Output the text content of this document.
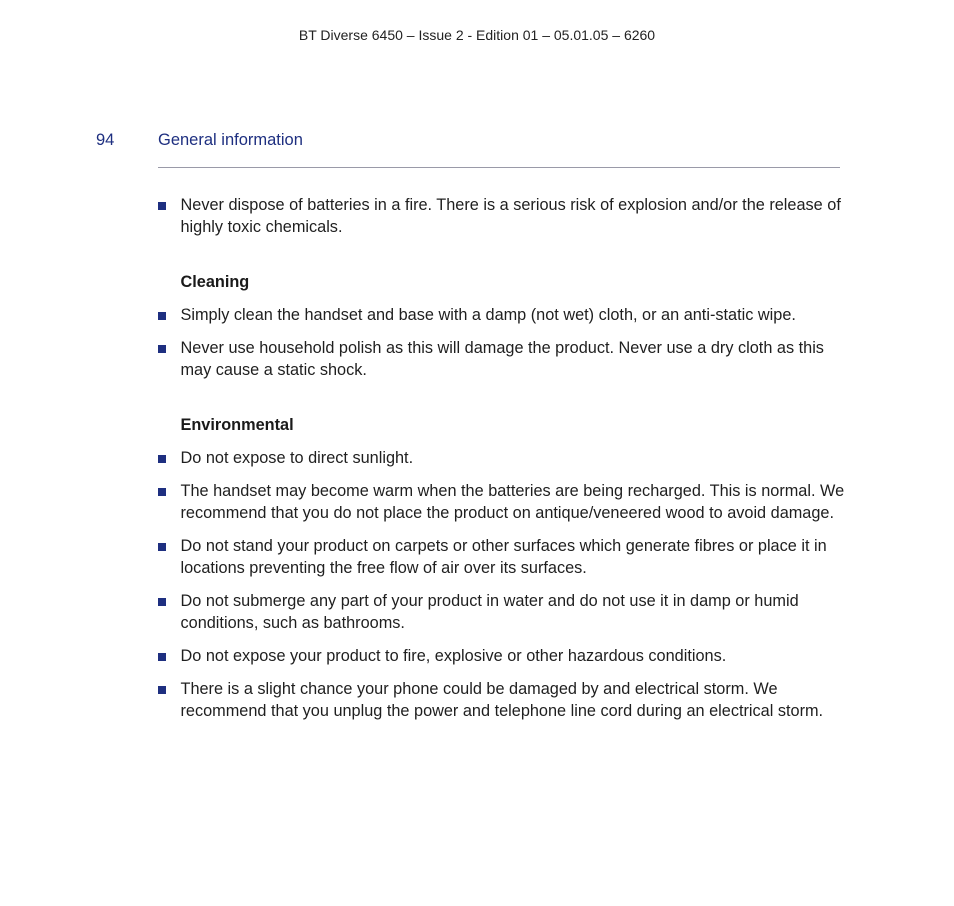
BT Diverse 6450 – Issue 2 - Edition 01 – 05.01.05 – 6260
94	General information
Never dispose of batteries in a fire. There is a serious risk of explosion and/or the release of highly toxic chemicals.
Cleaning
Simply clean the handset and base with a damp (not wet) cloth, or an anti-static wipe.
Never use household polish as this will damage the product. Never use a dry cloth as this may cause a static shock.
Environmental
Do not expose to direct sunlight.
The handset may become warm when the batteries are being recharged. This is normal. We recommend that you do not place the product on antique/veneered wood to avoid damage.
Do not stand your product on carpets or other surfaces which generate fibres or place it in locations preventing the free flow of air over its surfaces.
Do not submerge any part of your product in water and do not use it in damp or humid conditions, such as bathrooms.
Do not expose your product to fire, explosive or other hazardous conditions.
There is a slight chance your phone could be damaged by and electrical storm. We recommend that you unplug the power and telephone line cord during an electrical storm.
